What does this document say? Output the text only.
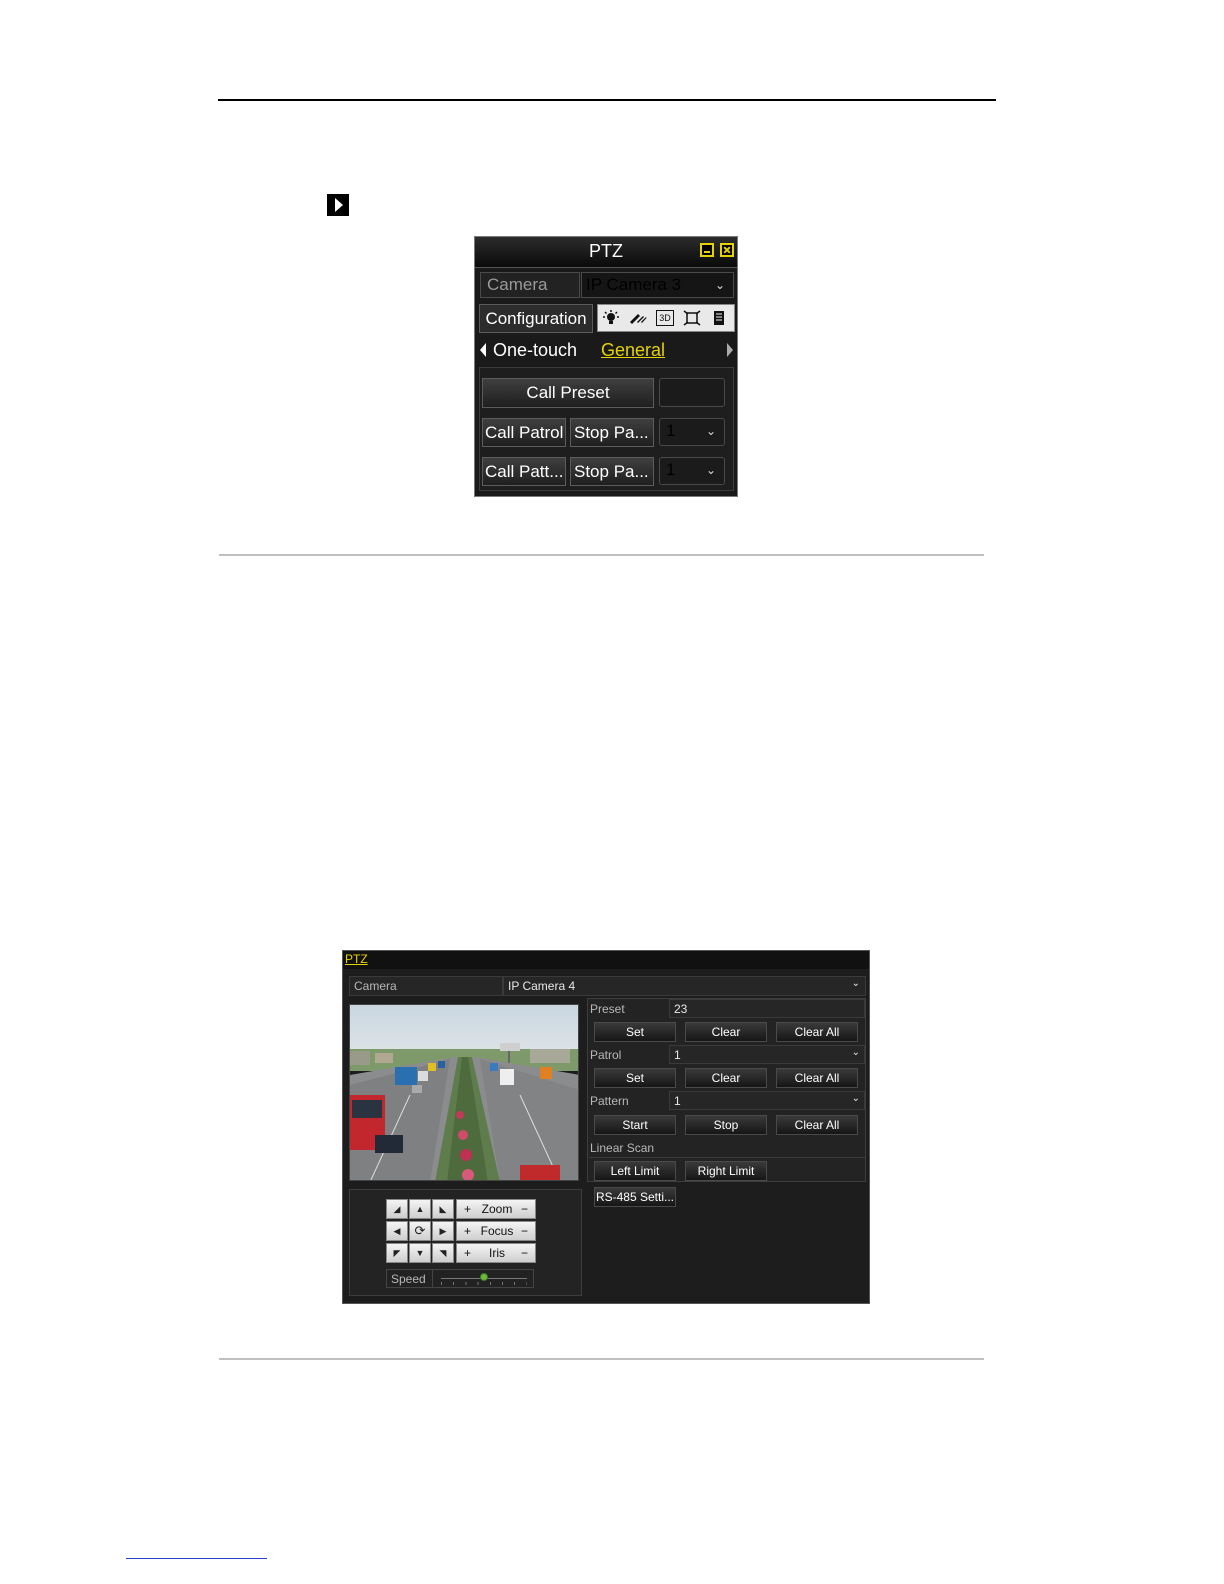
PTZ
Camera	IP Camera 3	⌄
Configuration	3D
One-touch General
Call Preset
Call Patrol Stop Pa...	1	⌄
Call Patt... Stop Pa...	1	⌄
PTZ
Camera	IP Camera 4	⌄
Preset	23
Set	Clear	Clear All
Patrol	1	⌄
Set	Clear	Clear All
Pattern	1	⌄
Start	Stop	Clear All
Linear Scan
Left Limit	Right Limit
RS-485 Setti...
◢	▲	◣
◀	⟳	▶
◤	▼	◥
+ Zoom −
+ Focus −
+	Iris	−
Speed
